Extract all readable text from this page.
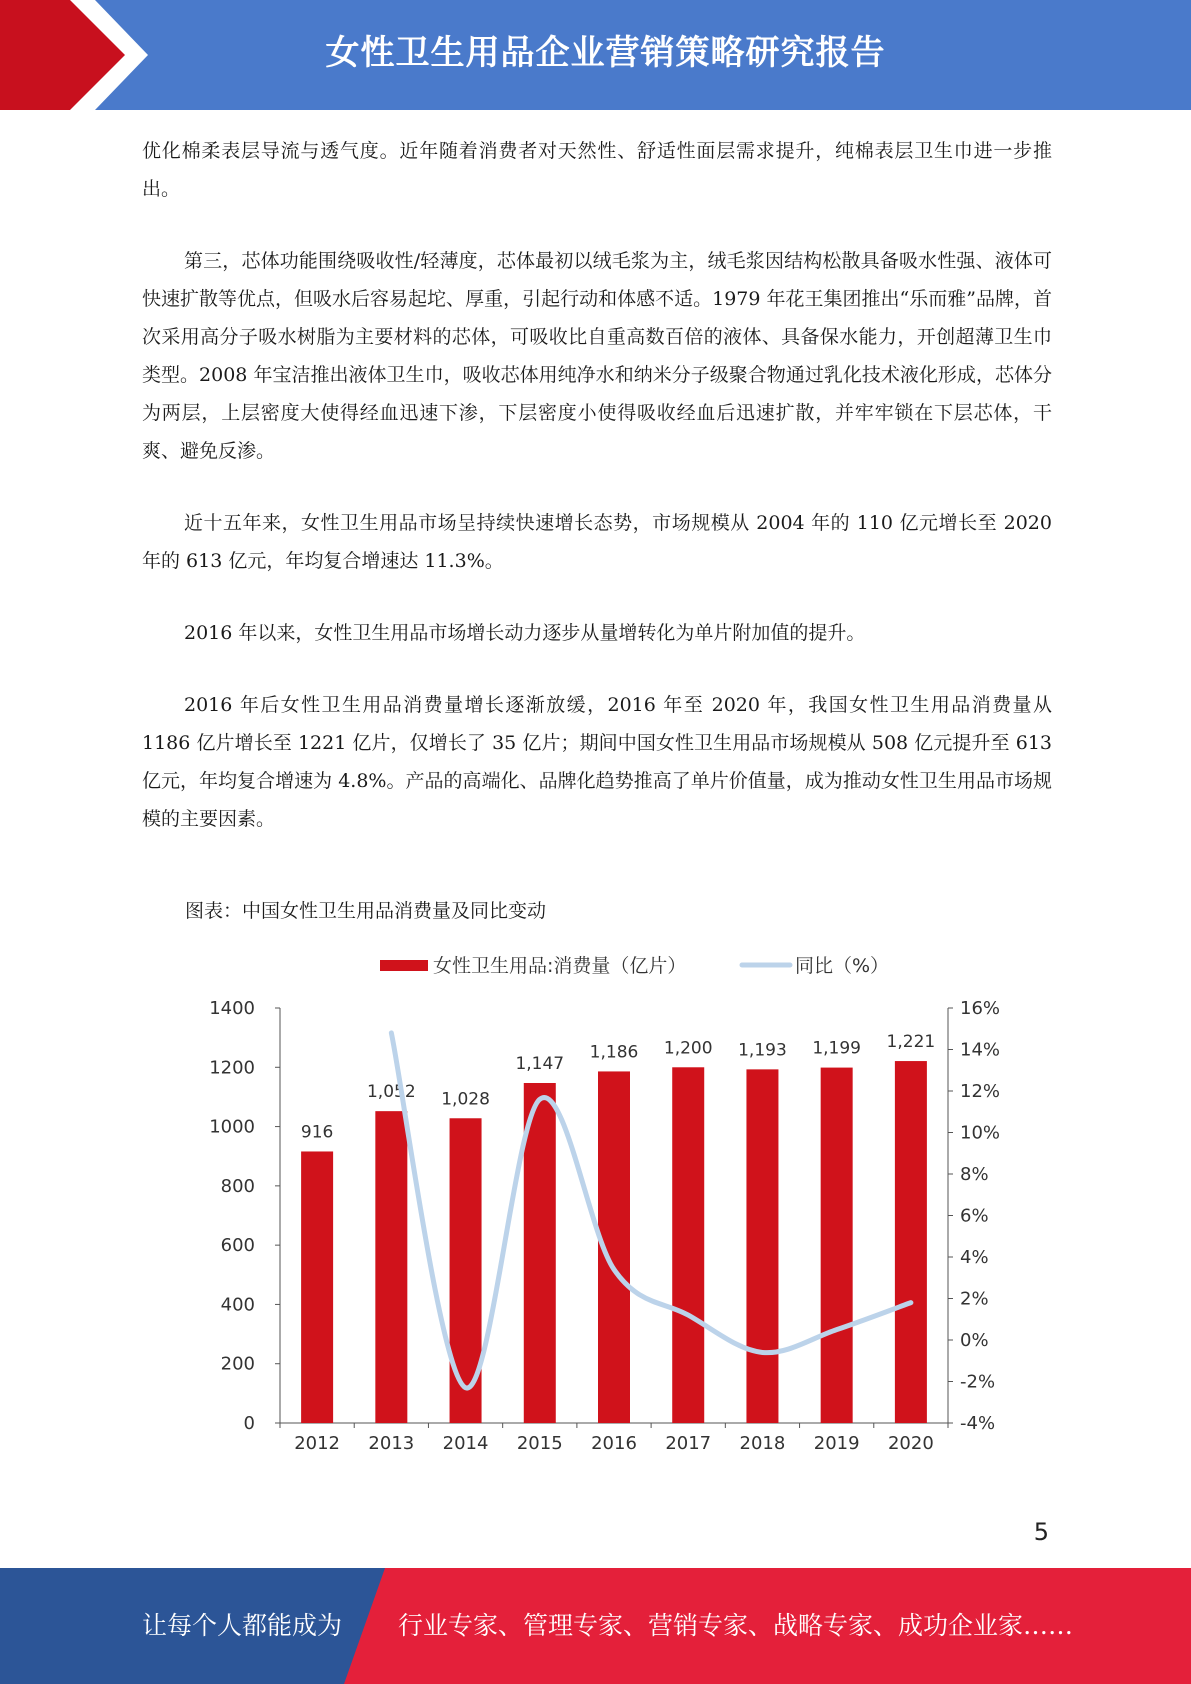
女性卫生用品企业营销策略研究报告

优化棉柔表层导流与透气度。近年随着消费者对天然性、舒适性面层需求提升，纯棉表层卫生巾进一步推出。

第三，芯体功能围绕吸收性/轻薄度，芯体最初以绒毛浆为主，绒毛浆因结构松散具备吸水性强、液体可快速扩散等优点，但吸水后容易起坨、厚重，引起行动和体感不适。1979 年花王集团推出“乐而雅”品牌，首次采用高分子吸水树脂为主要材料的芯体，可吸收比自重高数百倍的液体、具备保水能力，开创超薄卫生巾类型。2008 年宝洁推出液体卫生巾，吸收芯体用纯净水和纳米分子级聚合物通过乳化技术液化形成，芯体分为两层，上层密度大使得经血迅速下渗，下层密度小使得吸收经血后迅速扩散，并牢牢锁在下层芯体，干爽、避免反渗。

近十五年来，女性卫生用品市场呈持续快速增长态势，市场规模从 2004 年的 110 亿元增长至 2020 年的 613 亿元，年均复合增速达 11.3%。

2016 年以来，女性卫生用品市场增长动力逐步从量增转化为单片附加值的提升。

2016 年后女性卫生用品消费量增长逐渐放缓，2016 年至 2020 年，我国女性卫生用品消费量从 1186 亿片增长至 1221 亿片，仅增长了 35 亿片；期间中国女性卫生用品市场规模从 508 亿元提升至 613 亿元，年均复合增速为 4.8%。产品的高端化、品牌化趋势推高了单片价值量，成为推动女性卫生用品市场规模的主要因素。

图表：中国女性卫生用品消费量及同比变动
女性卫生用品:消费量（亿片）	同比（%）
0
200
400
600
800
1000
1200
1400
-4%
-2%
0%
2%
4%
6%
8%
10%
12%
14%
16%
2012 2013 2014 2015 2016 2017 2018 2019 2020
916
1,052 1,028
1,147
1,186 1,200 1,193 1,199 1,221
5
让每个人都能成为 行业专家、管理专家、营销专家、战略专家、成功企业家……
